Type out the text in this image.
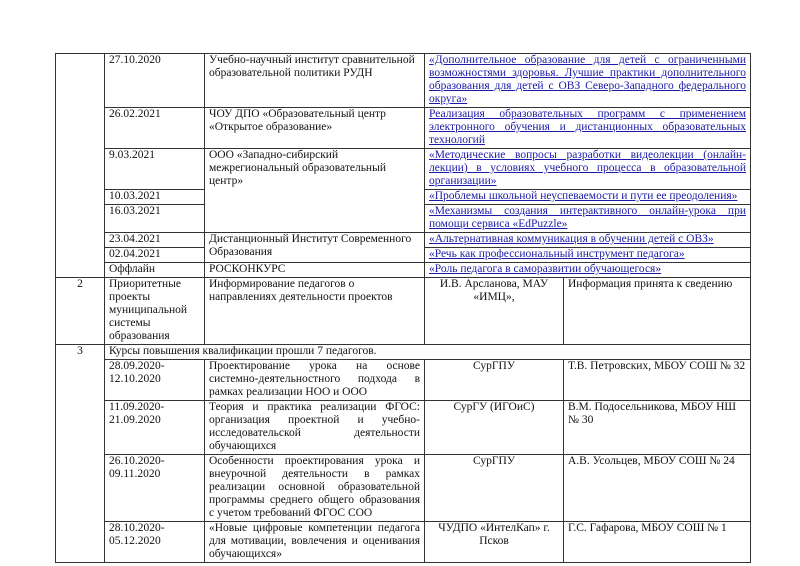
	27.10.2020	Учебно-научный институт сравнительной образовательной политики РУДН	«Дополнительное образование для детей с ограниченными возможностями здоровья. Лучшие практики дополнительного образования для детей с ОВЗ Северо-Западного федерального округа»	
	26.02.2021	ЧОУ ДПО «Образовательный центр «Открытое образование»	Реализация образовательных программ с применением электронного обучения и дистанционных образовательных технологий	
	9.03.2021	ООО «Западно-сибирский межрегиональный образовательный центр»	«Методические вопросы разработки видеолекции (онлайн-лекции) в условиях учебного процесса в образовательной организации»	
	10.03.2021		«Проблемы школьной неуспеваемости и пути ее преодоления»	
	16.03.2021		«Механизмы создания интерактивного онлайн-урока при помощи сервиса «EdPuzzle»	
	23.04.2021	Дистанционный Институт Современного Образования	«Альтернативная коммуникация в обучении детей с ОВЗ»	
	02.04.2021		«Речь как профессиональный инструмент педагога»	
	Оффлайн	РОСКОНКУРС	«Роль педагога в саморазвитии обучающегося»	
2	Приоритетные проекты муниципальной системы образования	Информирование педагогов о направлениях деятельности проектов	И.В. Арсланова, МАУ «ИМЦ»,	Информация принята к сведению
3	Курсы повышения квалификации прошли 7 педагогов.			
	28.09.2020-12.10.2020	Проектирование урока на основе системно-деятельностного подхода в рамках реализации НОО и ООО	СурГПУ	Т.В. Петровских, МБОУ СОШ № 32
	11.09.2020-21.09.2020	Теория и практика реализации ФГОС: организация проектной и учебно-исследовательской деятельности обучающихся	СурГУ (ИГОиС)	В.М. Подосельникова, МБОУ НШ № 30
	26.10.2020-09.11.2020	Особенности проектирования урока и внеурочной деятельности в рамках реализации основной образовательной программы среднего общего образования с учетом требований ФГОС СОО	СурГПУ	А.В. Усольцев, МБОУ СОШ № 24
	28.10.2020-05.12.2020	«Новые цифровые компетенции педагога для мотивации, вовлечения и оценивания обучающихся»	ЧУДПО «ИнтелКап» г. Псков	Г.С. Гафарова, МБОУ СОШ № 1
